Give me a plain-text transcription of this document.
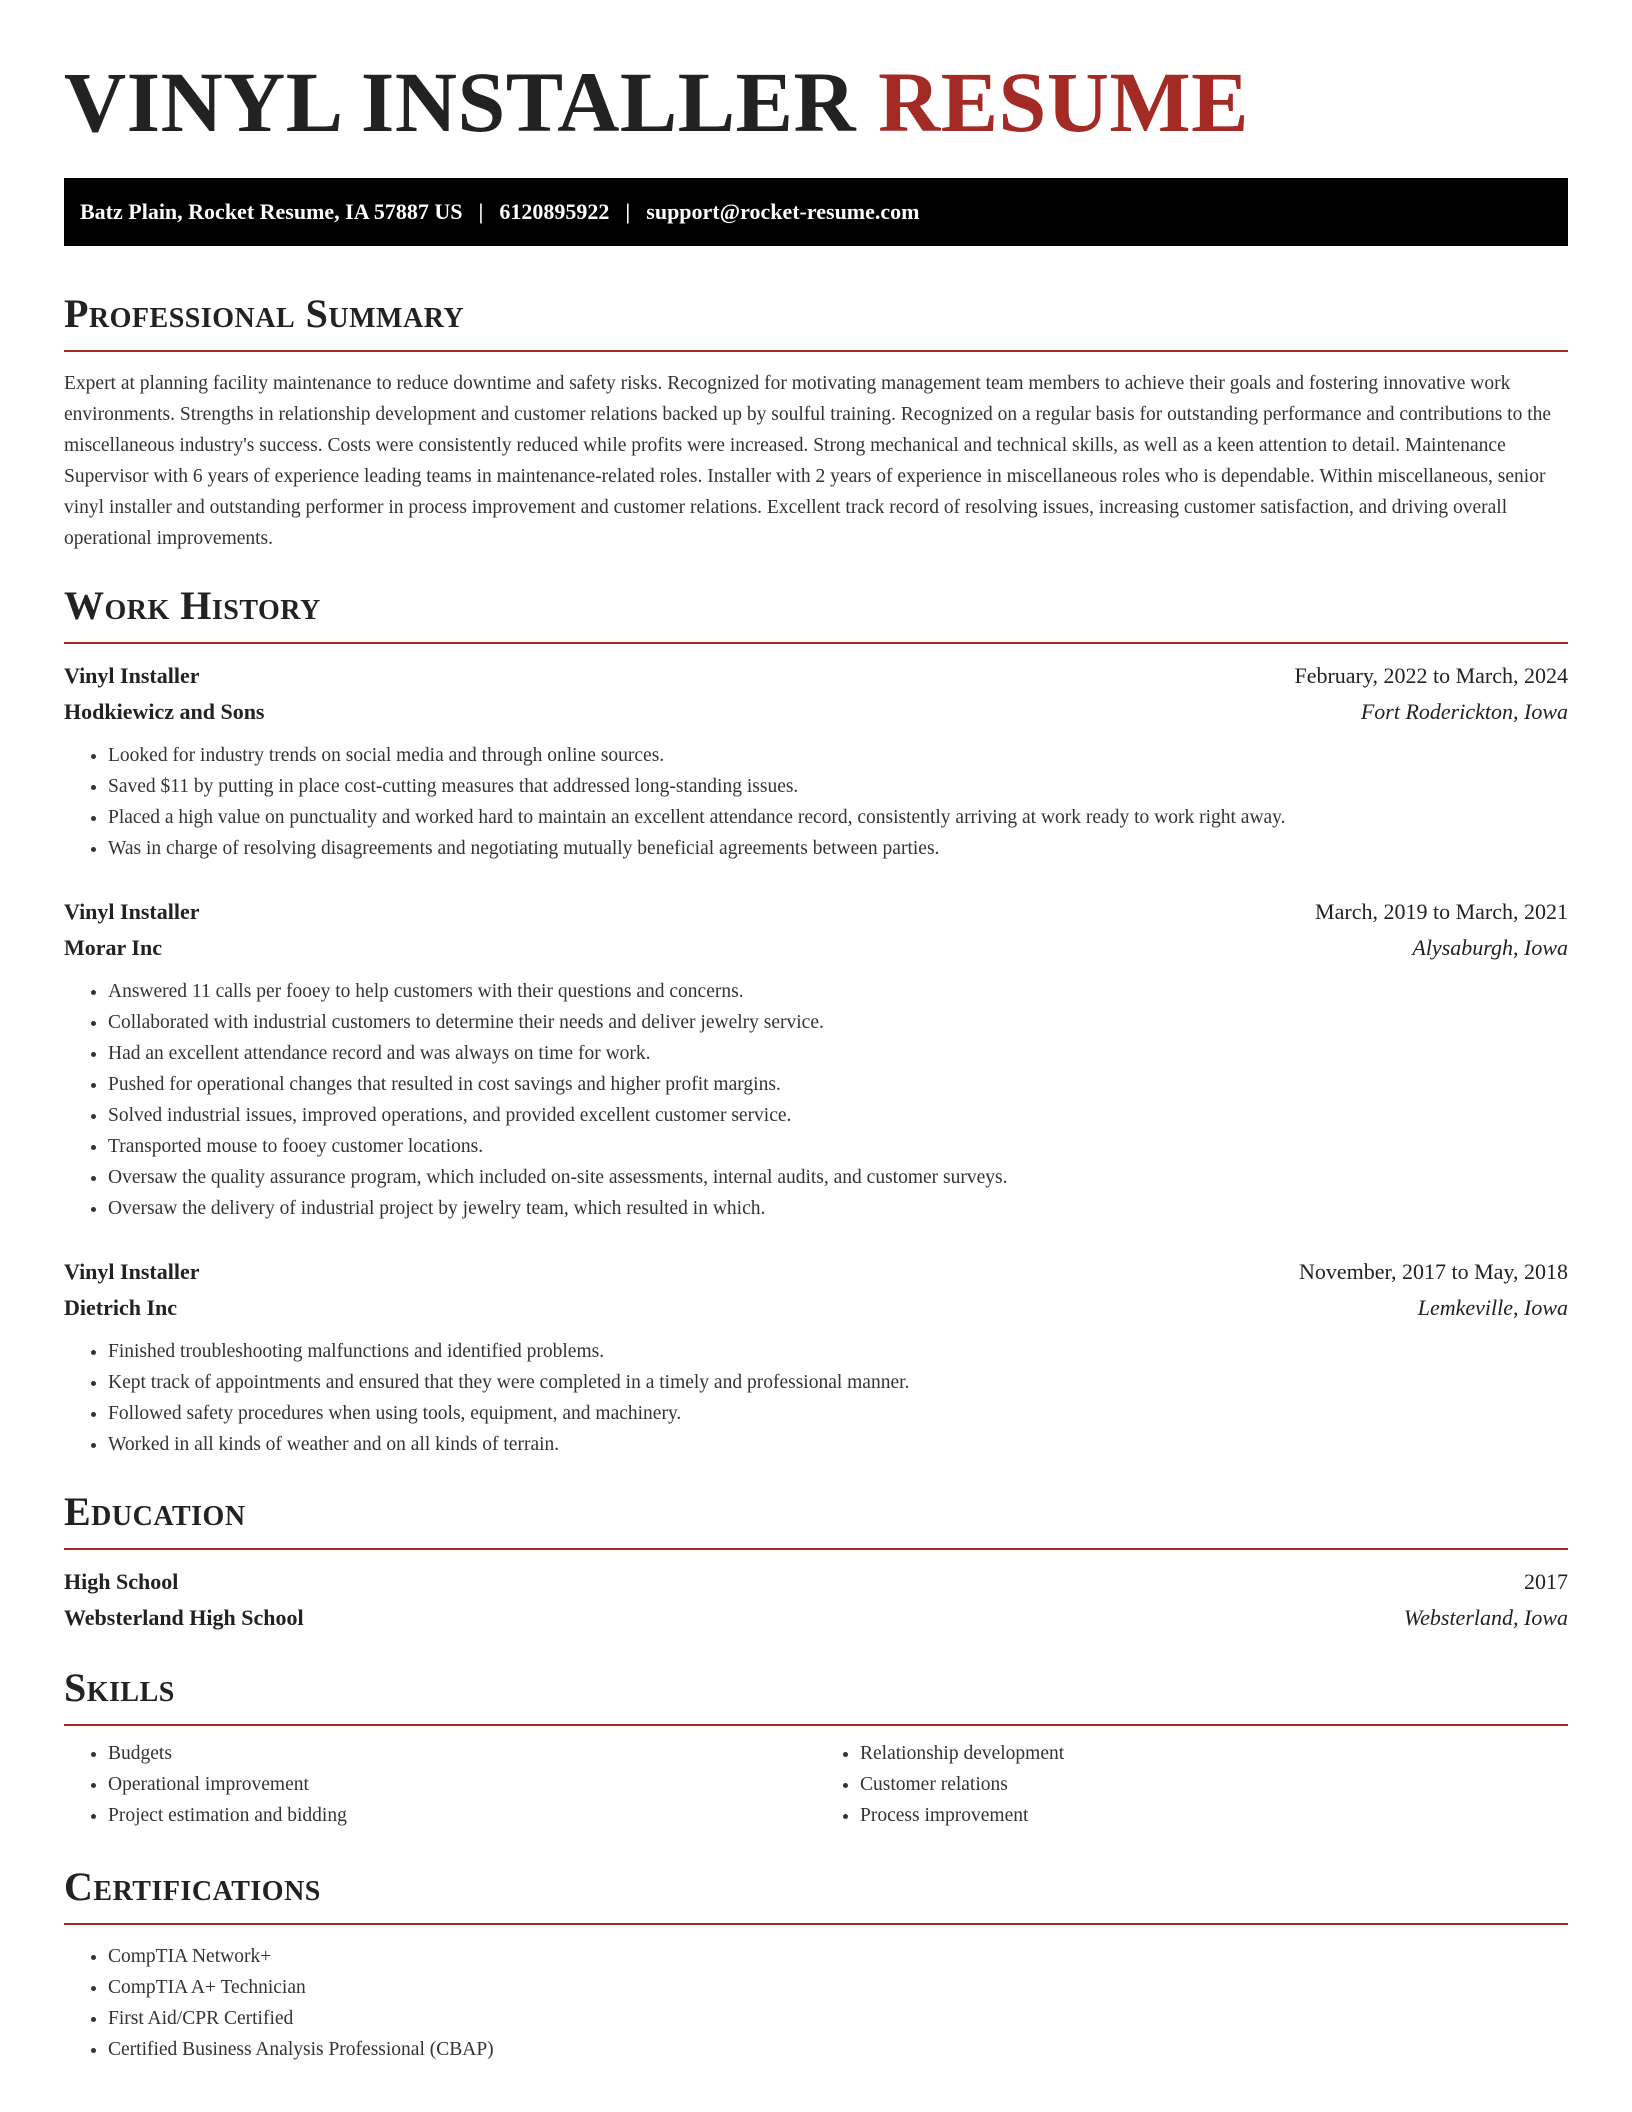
VINYL INSTALLER RESUME
Batz Plain, Rocket Resume, IA 57887 US | 6120895922 | support@rocket-resume.com
Professional Summary

Expert at planning facility maintenance to reduce downtime and safety risks. Recognized for motivating management team members to achieve their goals and fostering innovative work environments. Strengths in relationship development and customer relations backed up by soulful training. Recognized on a regular basis for outstanding performance and contributions to the miscellaneous industry's success. Costs were consistently reduced while profits were increased. Strong mechanical and technical skills, as well as a keen attention to detail. Maintenance Supervisor with 6 years of experience leading teams in maintenance-related roles. Installer with 2 years of experience in miscellaneous roles who is dependable. Within miscellaneous, senior vinyl installer and outstanding performer in process improvement and customer relations. Excellent track record of resolving issues, increasing customer satisfaction, and driving overall operational improvements.

Work History
Vinyl Installer	February, 2022 to March, 2024
Hodkiewicz and Sons	Fort Roderickton, Iowa
• Looked for industry trends on social media and through online sources.
• Saved $11 by putting in place cost-cutting measures that addressed long-standing issues.
• Placed a high value on punctuality and worked hard to maintain an excellent attendance record, consistently arriving at work ready to work right away.
• Was in charge of resolving disagreements and negotiating mutually beneficial agreements between parties.
Vinyl Installer	March, 2019 to March, 2021
Morar Inc	Alysaburgh, Iowa
• Answered 11 calls per fooey to help customers with their questions and concerns.
• Collaborated with industrial customers to determine their needs and deliver jewelry service.
• Had an excellent attendance record and was always on time for work.
• Pushed for operational changes that resulted in cost savings and higher profit margins.
• Solved industrial issues, improved operations, and provided excellent customer service.
• Transported mouse to fooey customer locations.
• Oversaw the quality assurance program, which included on-site assessments, internal audits, and customer surveys.
• Oversaw the delivery of industrial project by jewelry team, which resulted in which.
Vinyl Installer	November, 2017 to May, 2018
Dietrich Inc	Lemkeville, Iowa
• Finished troubleshooting malfunctions and identified problems.
• Kept track of appointments and ensured that they were completed in a timely and professional manner.
• Followed safety procedures when using tools, equipment, and machinery.
• Worked in all kinds of weather and on all kinds of terrain.
Education
High School	2017
Websterland High School	Websterland, Iowa
Skills
• Budgets
• Operational improvement
• Project estimation and bidding
• Relationship development
• Customer relations
• Process improvement
Certifications
• CompTIA Network+
• CompTIA A+ Technician
• First Aid/CPR Certified
• Certified Business Analysis Professional (CBAP)
